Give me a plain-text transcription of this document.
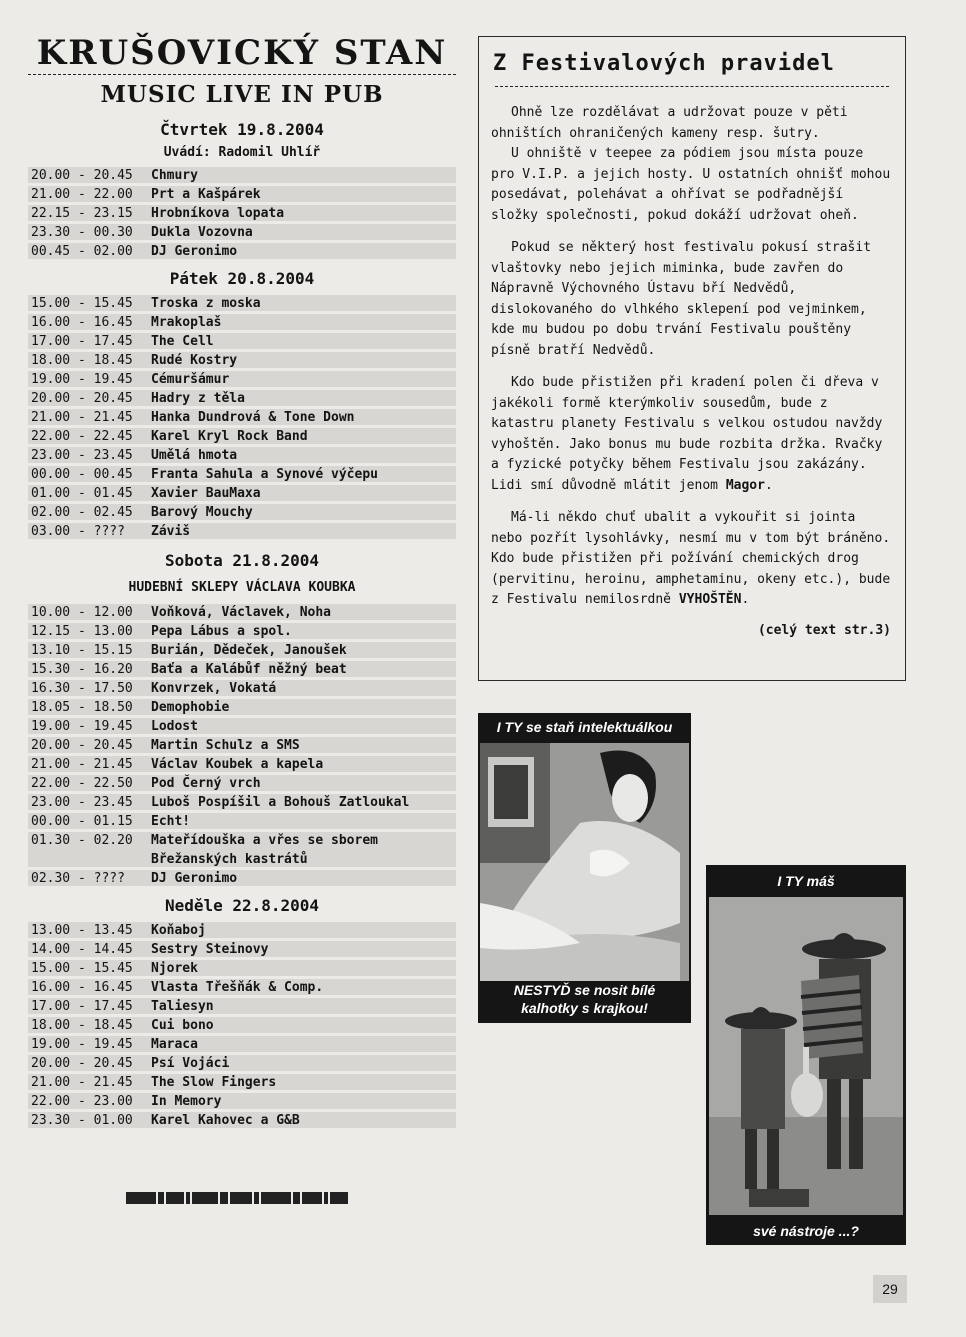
KRUŠOVICKÝ STAN
MUSIC LIVE IN PUB
Čtvrtek 19.8.2004
Uvádí: Radomil Uhlíř
20.00 - 20.45	Chmury
21.00 - 22.00	Prt a Kašpárek
22.15 - 23.15	Hrobníkova lopata
23.30 - 00.30	Dukla Vozovna
00.45 - 02.00	DJ Geronimo
Pátek 20.8.2004
15.00 - 15.45	Troska z moska
16.00 - 16.45	Mrakoplaš
17.00 - 17.45	The Cell
18.00 - 18.45	Rudé Kostry
19.00 - 19.45	Cémuršámur
20.00 - 20.45	Hadry z těla
21.00 - 21.45	Hanka Dundrová & Tone Down
22.00 - 22.45	Karel Kryl Rock Band
23.00 - 23.45	Umělá hmota
00.00 - 00.45	Franta Sahula a Synové výčepu
01.00 - 01.45	Xavier BauMaxa
02.00 - 02.45	Barový Mouchy
03.00 - ????	Záviš
Sobota 21.8.2004
HUDEBNÍ SKLEPY VÁCLAVA KOUBKA
10.00 - 12.00	Voňková, Václavek, Noha
12.15 - 13.00	Pepa Lábus a spol.
13.10 - 15.15	Burián, Dědeček, Janoušek
15.30 - 16.20	Baťa a Kalábůf něžný beat
16.30 - 17.50	Konvrzek, Vokatá
18.05 - 18.50	Demophobie
19.00 - 19.45	Lodost
20.00 - 20.45	Martin Schulz a SMS
21.00 - 21.45	Václav Koubek a kapela
22.00 - 22.50	Pod Černý vrch
23.00 - 23.45	Luboš Pospíšil a Bohouš Zatloukal
00.00 - 01.15	Echt!
01.30 - 02.20	Mateřídouška a vřes se sborem Břežanských kastrátů
02.30 - ????	DJ Geronimo
Neděle 22.8.2004
13.00 - 13.45	Koňaboj
14.00 - 14.45	Sestry Steinovy
15.00 - 15.45	Njorek
16.00 - 16.45	Vlasta Třešňák & Comp.
17.00 - 17.45	Taliesyn
18.00 - 18.45	Cui bono
19.00 - 19.45	Maraca
20.00 - 20.45	Psí Vojáci
21.00 - 21.45	The Slow Fingers
22.00 - 23.00	In Memory
23.30 - 01.00	Karel Kahovec a G&B
Z Festivalových pravidel

Ohně lze rozdělávat a udržovat pouze v pěti ohništích ohraničených kameny resp. šutry.

U ohniště v teepee za pódiem jsou místa pouze pro V.I.P. a jejich hosty. U ostatních ohnišť mohou posedávat, polehávat a ohřívat se podřadnější složky společnosti, pokud dokáží udržovat oheň.

Pokud se některý host festivalu pokusí strašit vlaštovky nebo jejich miminka, bude zavřen do Nápravně Výchovného Ústavu bří Nedvědů, dislokovaného do vlhkého sklepení pod vejminkem, kde mu budou po dobu trvání Festivalu pouštěny písně bratří Nedvědů.

Kdo bude přistižen při kradení polen či dřeva v jakékoli formě kterýmkoliv sousedům, bude z katastru planety Festivalu s velkou ostudou navždy vyhoštěn. Jako bonus mu bude rozbita držka. Rvačky a fyzické potyčky během Festivalu jsou zakázány. Lidi smí důvodně mlátit jenom Magor.

Má-li někdo chuť ubalit a vykouřit si jointa nebo pozřít lysohlávky, nesmí mu v tom být bráněno. Kdo bude přistižen při požívání chemických drog (pervitinu, heroinu, amphetaminu, okeny etc.), bude z Festivalu nemilosrdně VYHOŠTĚN.

(celý text str.3)
I TY se staň intelektuálkou
NESTYĎ se nosit bílé
kalhotky s krajkou!
I TY máš
své nástroje ...?
29
